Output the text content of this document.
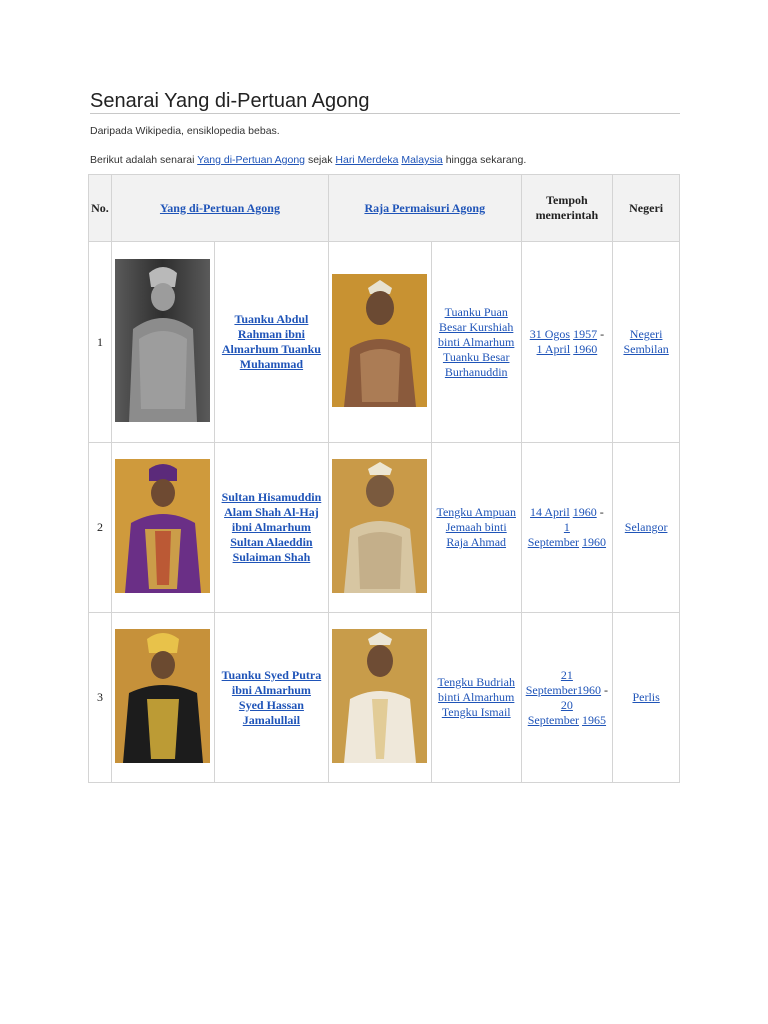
Senarai Yang di-Pertuan Agong
Daripada Wikipedia, ensiklopedia bebas.
Berikut adalah senarai Yang di-Pertuan Agong sejak Hari Merdeka Malaysia hingga sekarang.
No.	Yang di-Pertuan Agong		Raja Permaisuri Agong		Tempoh
memerintah	Negeri
1		Tuanku Abdul
Rahman ibni
Almarhum Tuanku
Muhammad		Tuanku Puan
Besar Kurshiah
binti Almarhum
Tuanku Besar
Burhanuddin	31 Ogos 1957 -
1 April 1960	Negeri
Sembilan
2		Sultan Hisamuddin
Alam Shah Al-Haj
ibni Almarhum
Sultan Alaeddin
Sulaiman Shah		Tengku Ampuan
Jemaah binti
Raja Ahmad	14 April 1960 -
1
September 1960	Selangor
3		Tuanku Syed Putra
ibni Almarhum
Syed Hassan
Jamalullail		Tengku Budriah
binti Almarhum
Tengku Ismail	21
September1960 -
20
September 1965	Perlis
